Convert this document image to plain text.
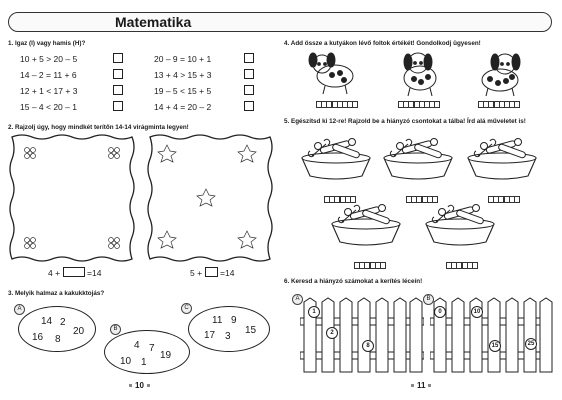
Matematika
1. Igaz (I) vagy hamis (H)?
10 + 5 > 20 – 5
14 – 2 = 11 + 6
12 + 1 < 17 + 3
15 – 4 < 20 – 1
20 – 9 = 10 + 1
13 + 4 > 15 + 3
19 – 5 < 15 + 5
14 + 4 = 20 – 2
2. Rajzolj úgy, hogy mindkét terítőn 14-14 virágminta legyen!
4 +	=14	5 + =14
3. Melyik halmaz a kakukktojás?
A
14 2
16 8
20	B
4 7
10 1
19
C
11 9
17 3
15
10
4. Add össze a kutyákon lévő foltok értékét! Gondolkodj ügyesen!
5. Egészítsd ki 12-re! Rajzold be a hiányzó csontokat a tálba! Írd alá műveletet is!
6. Keresd a hiányzó számokat a kerítés léceín!
A
1
2
8
B
0	10
15	25
11
